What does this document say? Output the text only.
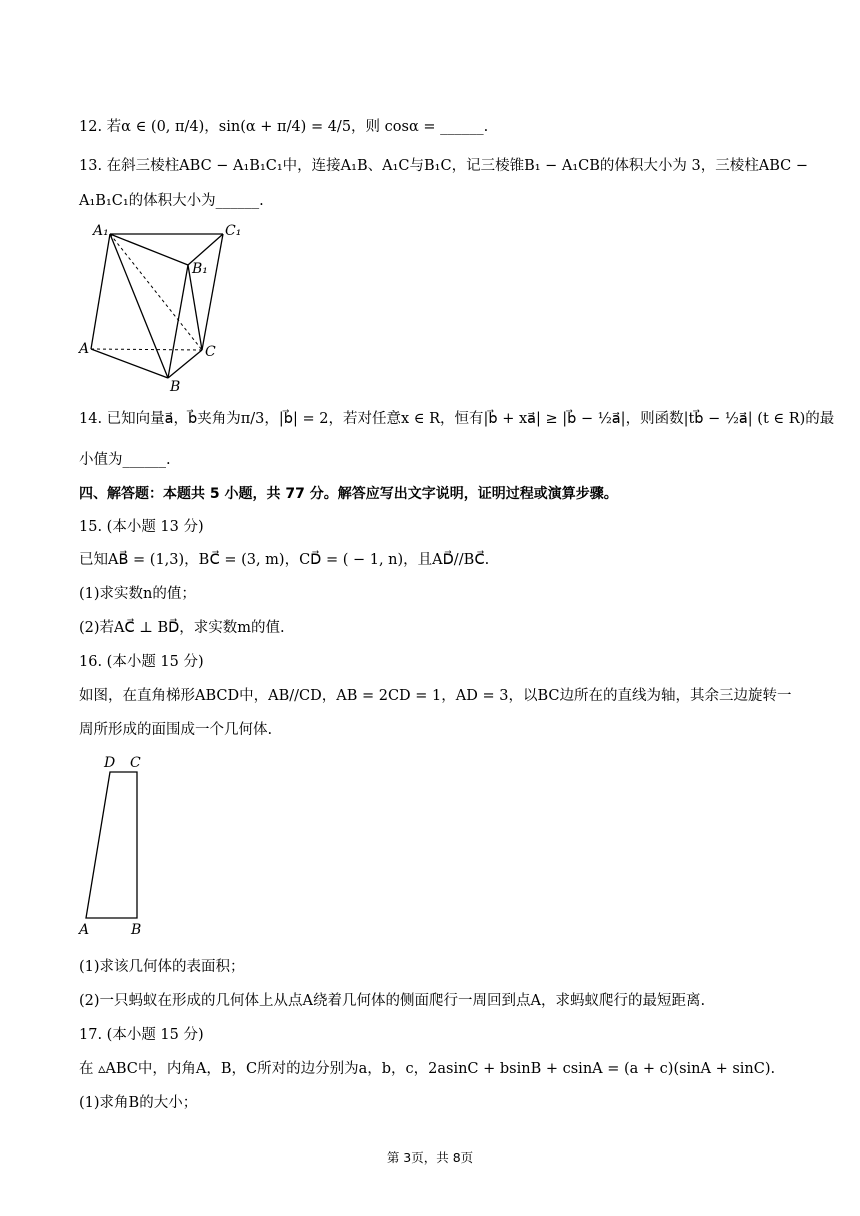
12. 若α ∈ (0, π/4)，sin(α + π/4) = 4/5，则 cosα = ______.
13. 在斜三棱柱ABC − A₁B₁C₁中，连接A₁B、A₁C与B₁C，记三棱锥B₁ − A₁CB的体积大小为 3，三棱柱ABC −
A₁B₁C₁的体积大小为______.
A₁	C₁
B₁
A	C
B
14. 已知向量a⃗，b⃗夹角为π/3，|b⃗| = 2，若对任意x ∈ R，恒有|b⃗ + xa⃗| ≥ |b⃗ − ½a⃗|，则函数|tb⃗ − ½a⃗| (t ∈ R)的最
小值为______.
四、解答题：本题共 5 小题，共 77 分。解答应写出文字说明，证明过程或演算步骤。
15. (本小题 13 分)
已知AB⃗ = (1,3)，BC⃗ = (3, m)，CD⃗ = ( − 1, n)，且AD⃗//BC⃗.
(1)求实数n的值；
(2)若AC⃗ ⊥ BD⃗，求实数m的值.
16. (本小题 15 分)
如图，在直角梯形ABCD中，AB//CD，AB = 2CD = 1，AD = 3，以BC边所在的直线为轴，其余三边旋转一
周所形成的面围成一个几何体.
D C
A	B
(1)求该几何体的表面积；
(2)一只蚂蚁在形成的几何体上从点A绕着几何体的侧面爬行一周回到点A，求蚂蚁爬行的最短距离.
17. (本小题 15 分)
在 ▵ABC中，内角A，B，C所对的边分别为a，b，c，2asinC + bsinB + csinA = (a + c)(sinA + sinC).
(1)求角B的大小；
第 3页，共 8页
